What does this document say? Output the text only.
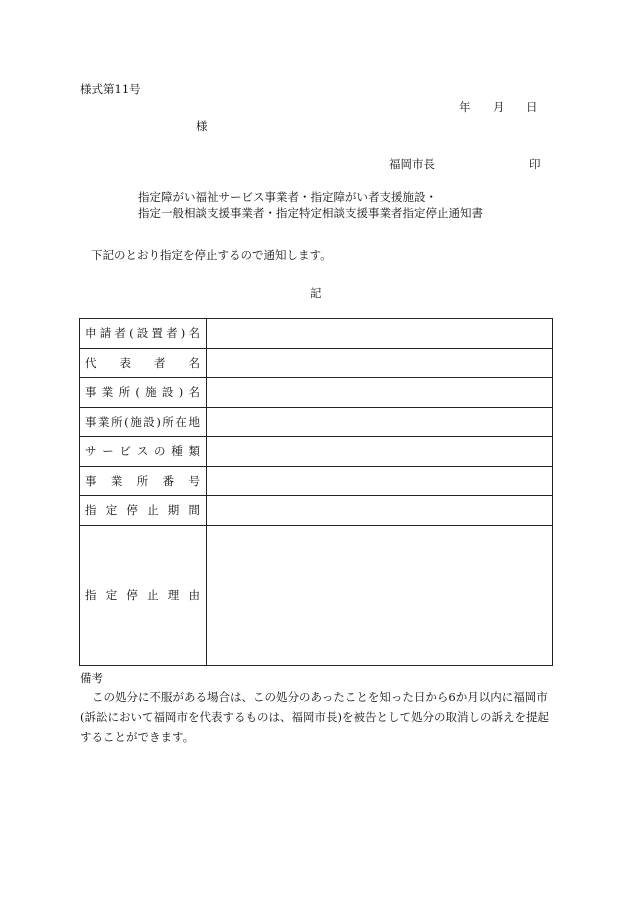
様式第11号
年 月 日
様
福岡市長	印
指定障がい福祉サービス事業者・指定障がい者支援施設・
指定一般相談支援事業者・指定特定相談支援事業者指定停止通知書
下記のとおり指定を停止するので通知します。
記
申請者(設置者)名	

代表者名	

事業所(施設)名	

事業所(施設)所在地	

サービスの種類	

事業所番号	

指定停止期間	

指定停止理由	

備考
この処分に不服がある場合は、この処分のあったことを知った日から6か月以内に福岡市(訴訟において福岡市を代表するものは、福岡市長)を被告として処分の取消しの訴えを提起することができます。
